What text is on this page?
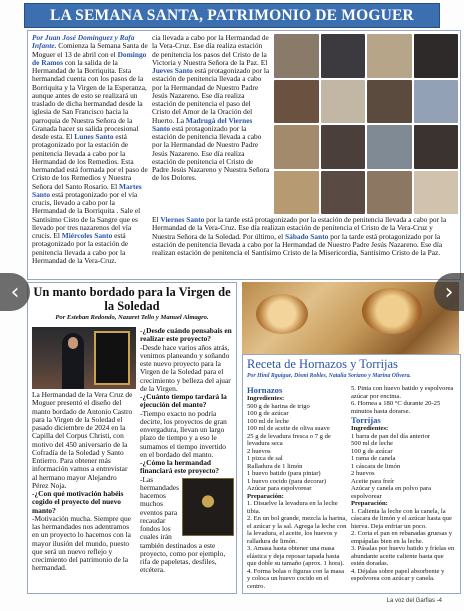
LA SEMANA SANTA, PATRIMONIO DE MOGUER

Por Juan José Domínguez y Rafa Infante. Comienza la Semana Santa de Moguer el 13 de abril con el Domingo de Ramos con la salida de la Hermandad de la Borriquita. Esta hermandad cuenta con los pasos de la Borriquita y la Virgen de la Esperanza, aunque antes de esto se realizará un traslado de dicha hermandad desde la iglesia de San Francisco hacia la parroquia de Nuestra Señora de la Granada hacer su salida procesional desde esta. El Lunes Santo está protagonizado por la estación de penitencia llevada a cabo por la Hermandad de los Remedios. Esta hermandad está formada por el paso de Cristo de los Remedios y Nuestra Señora del Santo Rosario. El Martes Santo está protagonizado por el vía crucis, llevado a cabo por la Hermandad de la Borriquita . Sale el Santísimo Cisto de la Sangre que es llevado por tres nazarenos del vía crucis. El Miércoles Santo está protagonizado por la estación de penitencia llevada a cabo por la Hermandad de la Vera-Cruz.

cia llevada a cabo por la Hermandad de la Vera-Cruz. Ese día realiza estación de penitencia los pasos del Cristo de la Victoria y Nuestra Señora de la Paz. El Jueves Santo está protagonizado por la estación de penitencia llevada a cabo por la Hermandad de Nuestro Padre Jesús Nazareno. Ese día realiza estación de penitencia el paso del Cristo del Amor de la Oración del Huerto. La Madrugá del Viernes Santo está protagonizado por la estación de penitencia llevada a cabo por la Hermandad de Nuestro Padre Jesús Nazareno. Ese día realiza estación de penitencia el Cristo de Padre Jesús Nazareno y Nuestra Señora de los Dolores.

El Viernes Santo por la tarde está protagonizado por la estación de penitencia llevada a cabo por la Hermandad de la Vera-Cruz. Ese día realizan estación de penitencia el Cristo de la Vera-Cruz y Nuestra Señora de la Soledad. Por último, el Sábado Santo por la tarde está protagonizado por la estación de penitencia llevada a cabo por la Hermandad de Nuestro Padre Jesús Nazareno. Ese día realizan estación de penitencia el Santísimo Cristo de la Misericordia, Santísimo Cristo de la Paz.

Un manto bordado para la Virgen de la Soledad
Por Esteban Redondo, Nazaret Tello y Manuel Almagro.

La Hermandad de la Vera Cruz de Moguer presentó el diseño del manto bordado de Antonio Castro para la Virgen de la Soledad el pasado diciembre de 2024 en la Capilla del Corpus Christi, con motivo del 450 aniversario de la Cofradía de la Soledad y Santo Entierro. Para obtener más información vamos a entrevistar al hermano mayor Alejandro Pérez Noja.

-¿Con qué motivación habéis cogido el proyecto del nuevo manto?

-Motivación mucha. Siempre que las hermandades nos adentramos en un proyecto lo hacemos con la mayor ilusión del mundo, puesto que será un nuevo reflejo y crecimiento del patrimonio de la hermandad.

-¿Desde cuándo pensabais en realizar este proyecto?

-Desde hace varios años atrás, venimos planeando y soñando este nuevo proyecto para la Virgen de la Soledad para el crecimiento y belleza del ajuar de la Virgen.

-¿Cuánto tiempo tardará la ejecución del manto?

-Tiempo exacto no podría decirte, los proyectos de gran envergadura, llevan un largo plazo de tiempo y a eso le sumamos el tiempo invertido en el bordado del manto.

-¿Cómo la hermandad financiará este proyecto?

-Las hermandades hacemos muchos eventos para recaudar fondos los cuales irán también destinados a este proyecto, como por ejemplo, rifa de papeletas, desfiles, etcétera.

Receta de Hornazos y Torrijas
Por Hind Rguigue, Dismi Robles, Natalia Soriano y Marina Olivera.
Hornazos
Ingredientes:
500 g de harina de trigo
100 g de azúcar
100 ml de leche
100 ml de aceite de oliva suave
25 g de levadura fresca o 7 g de levadura seca
2 huevos
1 pizca de sal
Ralladura de 1 limón
1 huevo batido (para pintar)
1 huevo cocido (para decorar)
Azúcar para espolvorear
Preparación:
1. Disuelve la levadura en la leche tibia.
2. En un bol grande, mezcla la harina, el azúcar y la sal. Agrega la leche con la levadura, el aceite, los huevos y ralladura de limón.
3. Amasa hasta obtener una masa elástica y deja reposar tapada hasta que doble su tamaño (aprox. 1 hora).
4. Forma bolas o figuras con la masa y coloca un huevo cocido en el centro.
5. Pinta con huevo batido y espolvorea azúcar por encima.
6. Hornea a 180 °C durante 20-25 minutos hasta dorarse.
Torrijas
Ingredientes:
1 barra de pan del día anterior
500 ml de leche
100 g de azúcar
1 rama de canela
1 cáscara de limón
2 huevos
Aceite para freír
Azúcar y canela en polvo para espolvorear
Preparación:
1. Calienta la leche con la canela, la cáscara de limón y el azúcar hasta que hierva. Deja enfriar un poco.
2. Corta el pan en rebanadas gruesas y empápalas bien en la leche.
3. Pásalas por huevo batido y fríelas en abundante aceite caliente hasta que estén doradas.
4. Déjalas sobre papel absorbente y espolvorea con azúcar y canela.
‹	›
La voz del Garfias -4
